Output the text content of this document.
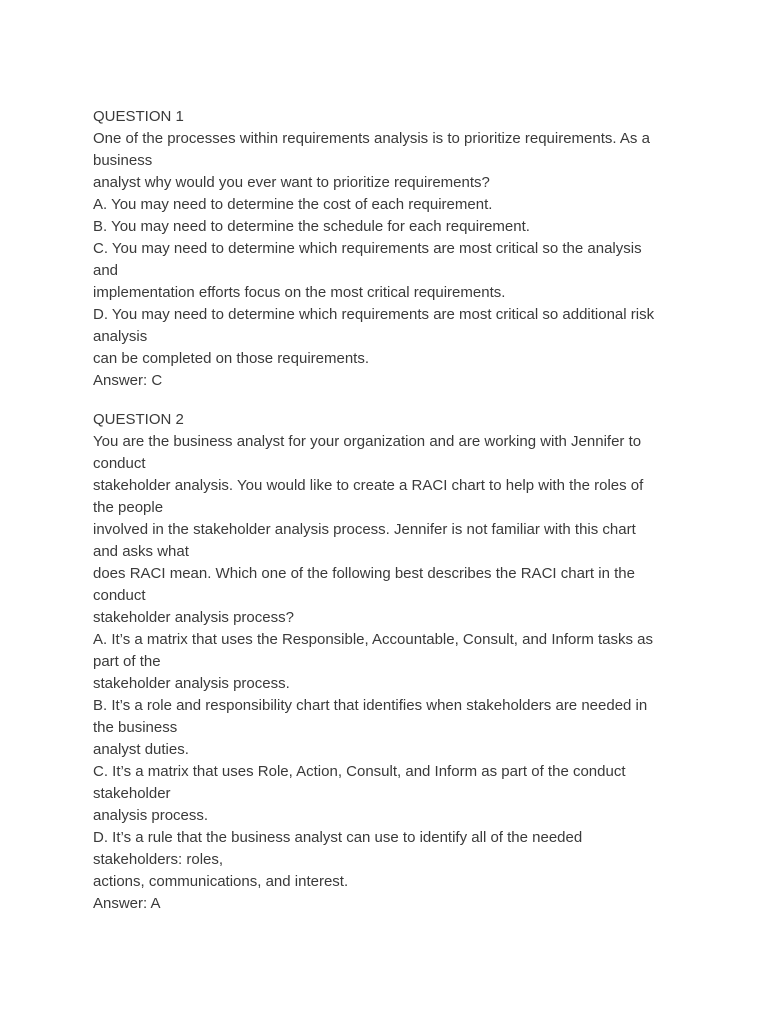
QUESTION 1
One of the processes within requirements analysis is to prioritize requirements. As a
business
analyst why would you ever want to prioritize requirements?
A. You may need to determine the cost of each requirement.
B. You may need to determine the schedule for each requirement.
C. You may need to determine which requirements are most critical so the analysis
and
implementation efforts focus on the most critical requirements.
D. You may need to determine which requirements are most critical so additional risk
analysis
can be completed on those requirements.
Answer: C
QUESTION 2
You are the business analyst for your organization and are working with Jennifer to
conduct
stakeholder analysis. You would like to create a RACI chart to help with the roles of
the people
involved in the stakeholder analysis process. Jennifer is not familiar with this chart
and asks what
does RACI mean. Which one of the following best describes the RACI chart in the
conduct
stakeholder analysis process?
A. It’s a matrix that uses the Responsible, Accountable, Consult, and Inform tasks as
part of the
stakeholder analysis process.
B. It’s a role and responsibility chart that identifies when stakeholders are needed in
the business
analyst duties.
C. It’s a matrix that uses Role, Action, Consult, and Inform as part of the conduct
stakeholder
analysis process.
D. It’s a rule that the business analyst can use to identify all of the needed
stakeholders: roles,
actions, communications, and interest.
Answer: A
